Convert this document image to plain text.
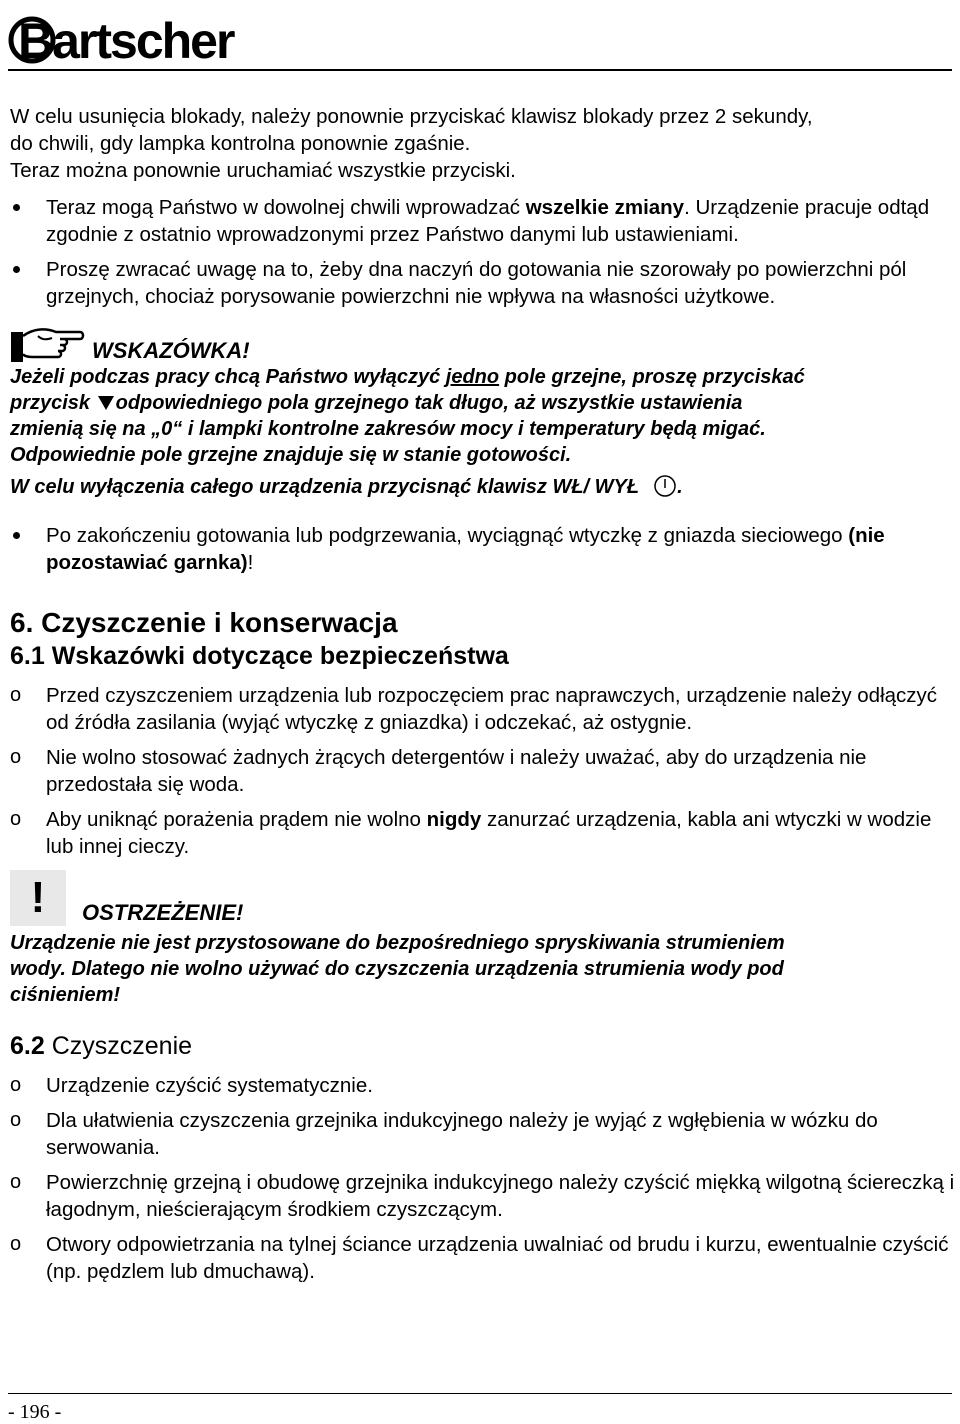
Bartscher

W celu usunięcia blokady, należy ponownie przyciskać klawisz blokady przez 2 sekundy,

do chwili, gdy lampka kontrolna ponownie zgaśnie.

Teraz można ponownie uruchamiać wszystkie przyciski.

Teraz mogą Państwo w dowolnej chwili wprowadzać wszelkie zmiany. Urządzenie pracuje odtąd zgodnie z ostatnio wprowadzonymi przez Państwo danymi lub ustawieniami.
Proszę zwracać uwagę na to, żeby dna naczyń do gotowania nie szorowały po powierzchni pól grzejnych, chociaż porysowanie powierzchni nie wpływa na własności użytkowe.
WSKAZÓWKA!
Jeżeli podczas pracy chcą Państwo wyłączyć jedno pole grzejne, proszę przyciskać
przycisk odpowiedniego pola grzejnego tak długo, aż wszystkie ustawienia
zmienią się na „0“ i lampki kontrolne zakresów mocy i temperatury będą migać.
Odpowiednie pole grzejne znajduje się w stanie gotowości.
W celu wyłączenia całego urządzenia przycisnąć klawisz WŁ/ WYŁ .
Po zakończeniu gotowania lub podgrzewania, wyciągnąć wtyczkę z gniazda sieciowego (nie pozostawiać garnka)!
6. Czyszczenie i konserwacja
6.1 Wskazówki dotyczące bezpieczeństwa
o	Przed czyszczeniem urządzenia lub rozpoczęciem prac naprawczych, urządzenie należy odłączyć od źródła zasilania (wyjąć wtyczkę z gniazdka) i odczekać, aż ostygnie.
o	Nie wolno stosować żadnych żrących detergentów i należy uważać, aby do urządzenia nie przedostała się woda.
o	Aby uniknąć porażenia prądem nie wolno nigdy zanurzać urządzenia, kabla ani wtyczki w wodzie lub innej cieczy.
! OSTRZEŻENIE!
Urządzenie nie jest przystosowane do bezpośredniego spryskiwania strumieniem
wody. Dlatego nie wolno używać do czyszczenia urządzenia strumienia wody pod
ciśnieniem!
6.2 Czyszczenie
o	Urządzenie czyścić systematycznie.
o	Dla ułatwienia czyszczenia grzejnika indukcyjnego należy je wyjąć z wgłębienia w wózku do serwowania.
o	Powierzchnię grzejną i obudowę grzejnika indukcyjnego należy czyścić miękką wilgotną ściereczką i łagodnym, nieścierającym środkiem czyszczącym.
o	Otwory odpowietrzania na tylnej ściance urządzenia uwalniać od brudu i kurzu, ewentualnie czyścić (np. pędzlem lub dmuchawą).
- 196 -
